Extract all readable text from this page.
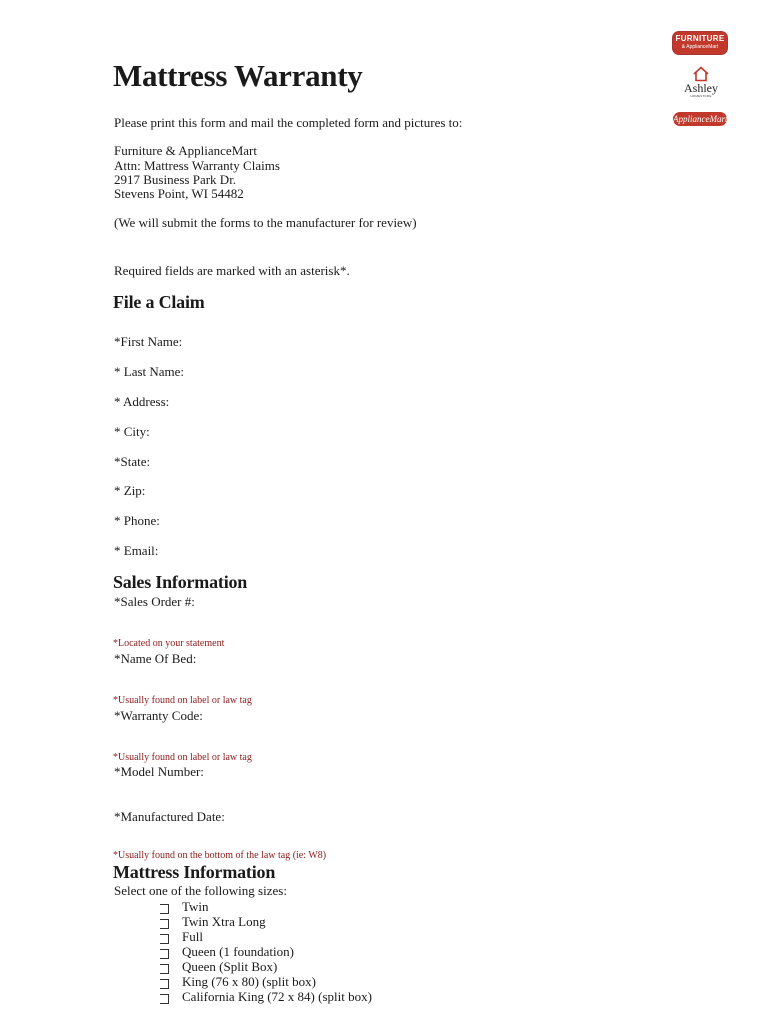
FURNITURE
& ApplianceMart
Ashley
HOMESTORE
ApplianceMart
Mattress Warranty
Please print this form and mail the completed form and pictures to:
Furniture & ApplianceMart
Attn: Mattress Warranty Claims
2917 Business Park Dr.
Stevens Point, WI 54482
(We will submit the forms to the manufacturer for review)
Required fields are marked with an asterisk*.
File a Claim
*First Name:
* Last Name:
* Address:
* City:
*State:
* Zip:
* Phone:
* Email:
Sales Information
*Sales Order #:
*Located on your statement
*Name Of Bed:
*Usually found on label or law tag
*Warranty Code:
*Usually found on label or law tag
*Model Number:
*Manufactured Date:
*Usually found on the bottom of the law tag (ie: W8)
Mattress Information
Select one of the following sizes:
Twin
Twin Xtra Long
Full
Queen (1 foundation)
Queen (Split Box)
King (76 x 80) (split box)
California King (72 x 84) (split box)
